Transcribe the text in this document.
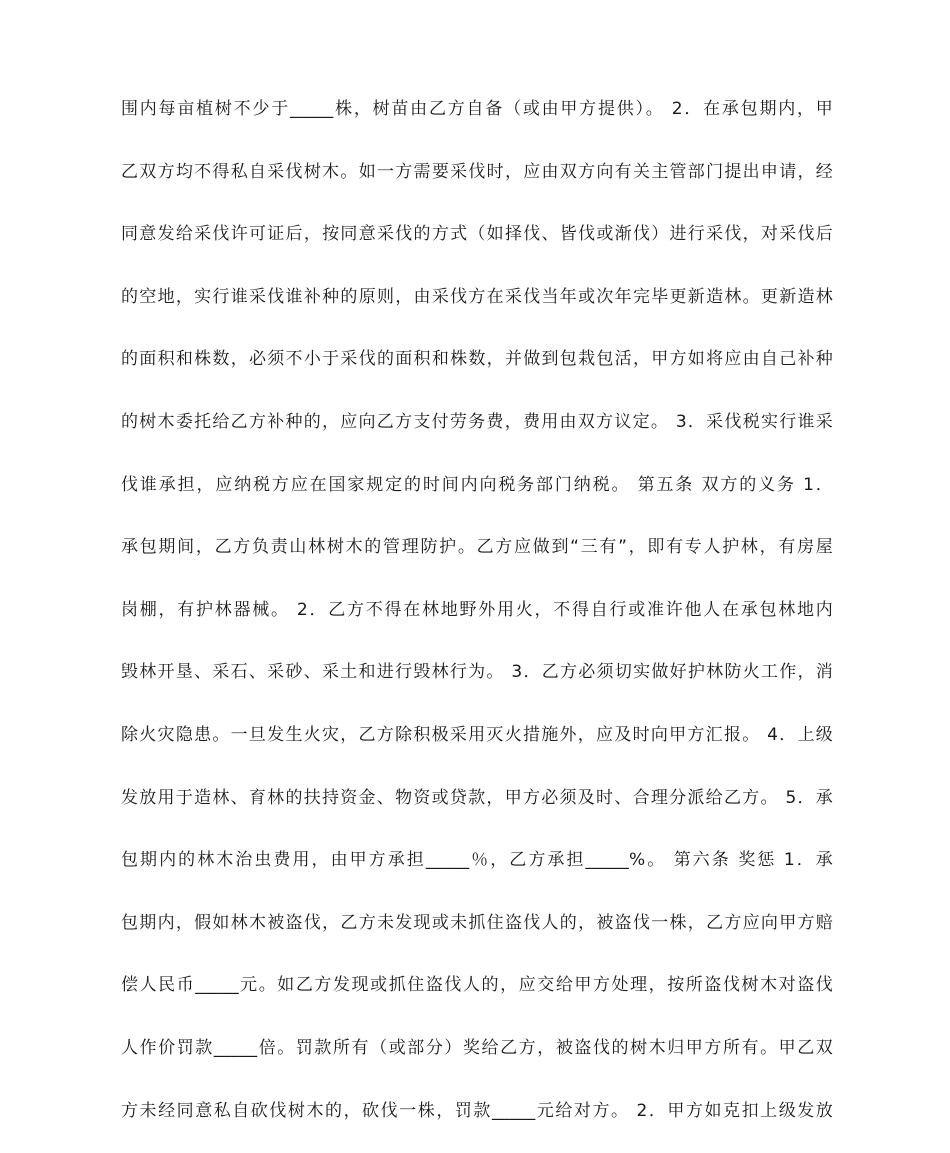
围内每亩植树不少于_____株，树苗由乙方自备（或由甲方提供）。 2．在承包期内，甲
乙双方均不得私自采伐树木。如一方需要采伐时，应由双方向有关主管部门提出申请，经
同意发给采伐许可证后，按同意采伐的方式（如择伐、皆伐或渐伐）进行采伐，对采伐后
的空地，实行谁采伐谁补种的原则，由采伐方在采伐当年或次年完毕更新造林。更新造林
的面积和株数，必须不小于采伐的面积和株数，并做到包栽包活，甲方如将应由自己补种
的树木委托给乙方补种的，应向乙方支付劳务费，费用由双方议定。 3．采伐税实行谁采
伐谁承担，应纳税方应在国家规定的时间内向税务部门纳税。 第五条 双方的义务 1．
承包期间，乙方负责山林树木的管理防护。乙方应做到“三有”，即有专人护林，有房屋
岗棚，有护林器械。 2．乙方不得在林地野外用火，不得自行或准许他人在承包林地内
毁林开垦、采石、采砂、采土和进行毁林行为。 3．乙方必须切实做好护林防火工作，消
除火灾隐患。一旦发生火灾，乙方除积极采用灭火措施外，应及时向甲方汇报。 4．上级
发放用于造林、育林的扶持资金、物资或贷款，甲方必须及时、合理分派给乙方。 5．承
包期内的林木治虫费用，由甲方承担_____％，乙方承担_____%。 第六条 奖惩 1．承
包期内，假如林木被盗伐，乙方未发现或未抓住盗伐人的，被盗伐一株，乙方应向甲方赔
偿人民币_____元。如乙方发现或抓住盗伐人的，应交给甲方处理，按所盗伐树木对盗伐
人作价罚款_____倍。罚款所有（或部分）奖给乙方，被盗伐的树木归甲方所有。甲乙双
方未经同意私自砍伐树木的，砍伐一株，罚款_____元给对方。 2．甲方如克扣上级发放
